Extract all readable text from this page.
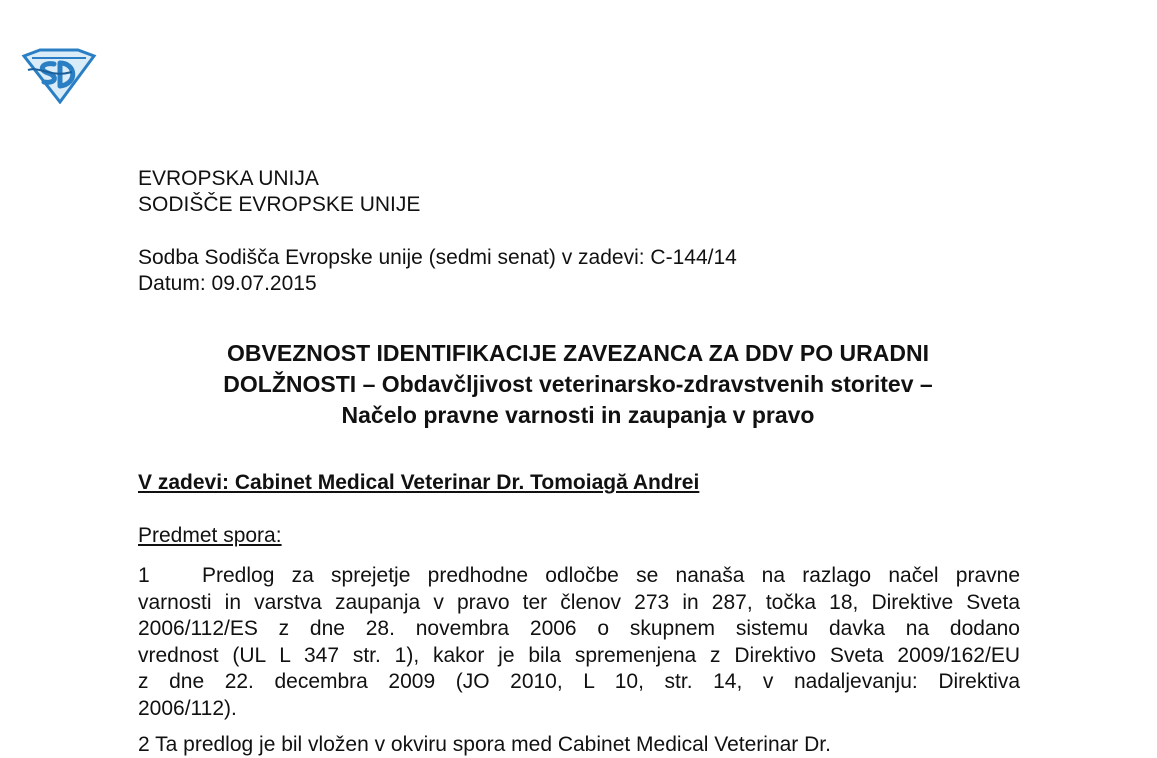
EVROPSKA UNIJA
SODIŠČE EVROPSKE UNIJE
Sodba Sodišča Evropske unije (sedmi senat) v zadevi: C-144/14
Datum: 09.07.2015
OBVEZNOST IDENTIFIKACIJE ZAVEZANCA ZA DDV PO URADNI
DOLŽNOSTI – Obdavčljivost veterinarsko-zdravstvenih storitev –
Načelo pravne varnosti in zaupanja v pravo
V zadevi: Cabinet Medical Veterinar Dr. Tomoiagă Andrei
Predmet spora:
1 Predlog za sprejetje predhodne odločbe se nanaša na razlago načel pravne
varnosti in varstva zaupanja v pravo ter členov 273 in 287, točka 18, Direktive Sveta
2006/112/ES z dne 28. novembra 2006 o skupnem sistemu davka na dodano
vrednost (UL L 347 str. 1), kakor je bila spremenjena z Direktivo Sveta 2009/162/EU
z dne 22. decembra 2009 (JO 2010, L 10, str. 14, v nadaljevanju: Direktiva
2006/112).
2 Ta predlog je bil vložen v okviru spora med Cabinet Medical Veterinar Dr.
